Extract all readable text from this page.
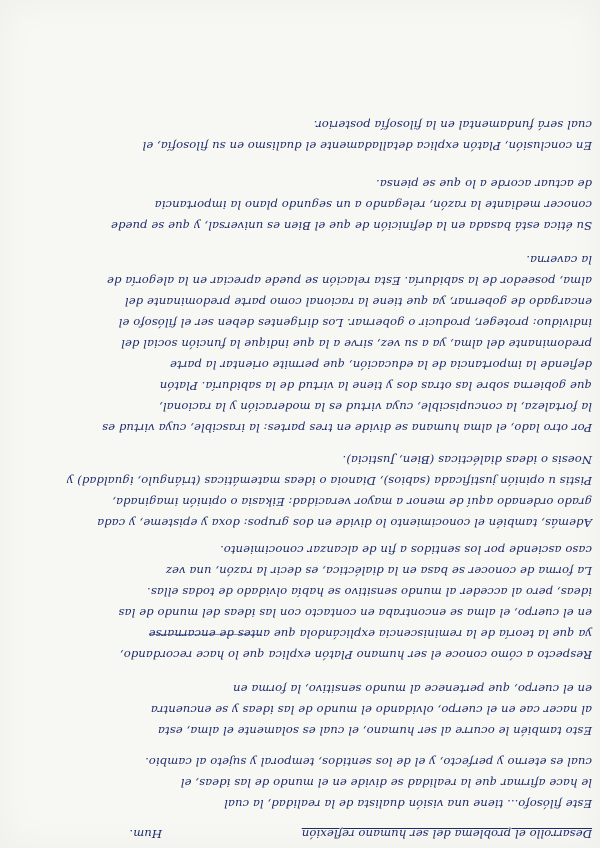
Desarrollo el problema del ser humano reflexión
Hum.
Este filósofo... tiene una visión dualista de la realidad, la cual
le hace afirmar que la realidad se divide en el mundo de las ideas, el
cual es eterno y perfecto, y el de los sentidos, temporal y sujeto al cambio.
Esto también le ocurre al ser humano, el cual es solamente el alma, esta
al nacer cae en el cuerpo, olvidando el mundo de las ideas y se encuentra
en el cuerpo, que pertenece al mundo sensitivo, la forma en
Respecto a cómo conoce el ser humano Platón explica que lo hace recordando,
ya que la teoría de la reminiscencia explicándola que antes de encarnarse
en el cuerpo, el alma se encontraba en contacto con las ideas del mundo de las
ideas, pero al acceder al mundo sensitivo se había olvidado de todas ellas.
La forma de conocer se basa en la dialéctica, es decir la razón, una vez
caso asciende por los sentidos a fin de alcanzar conocimiento.
Además, también el conocimiento lo divide en dos grupos: doxa y episteme, y cada
grado ordenado aquí de menor a mayor veracidad: Eikasia o opinión imaginada,
Pistis u opinión justificada (sabios), Dianoia o ideas matemáticas (triángulo, igualdad) y
Noesis o ideas dialécticas (Bien, Justicia).
Por otro lado, el alma humana se divide en tres partes: la irascible, cuya virtud es
la fortaleza, la concupiscible, cuya virtud es la moderación y la racional,
que gobierna sobre las otras dos y tiene la virtud de la sabiduría. Platón
defiende la importancia de la educación, que permite orientar la parte
predominante del alma, ya a su vez, sirve a la que indique la función social del
individuo: proteger, producir o gobernar. Los dirigentes deben ser el filósofo el
encargado de gobernar, ya que tiene la racional como parte predominante del
alma, poseedor de la sabiduría. Esta relación se puede apreciar en la alegoría de
la caverna.
Su ética está basada en la definición de que el Bien es universal, y que se puede
conocer mediante la razón, relegando a un segundo plano la importancia
de actuar acorde a lo que se piensa.
En conclusión, Platón explica detalladamente el dualismo en su filosofía, el
cual será fundamental en la filosofía posterior.
